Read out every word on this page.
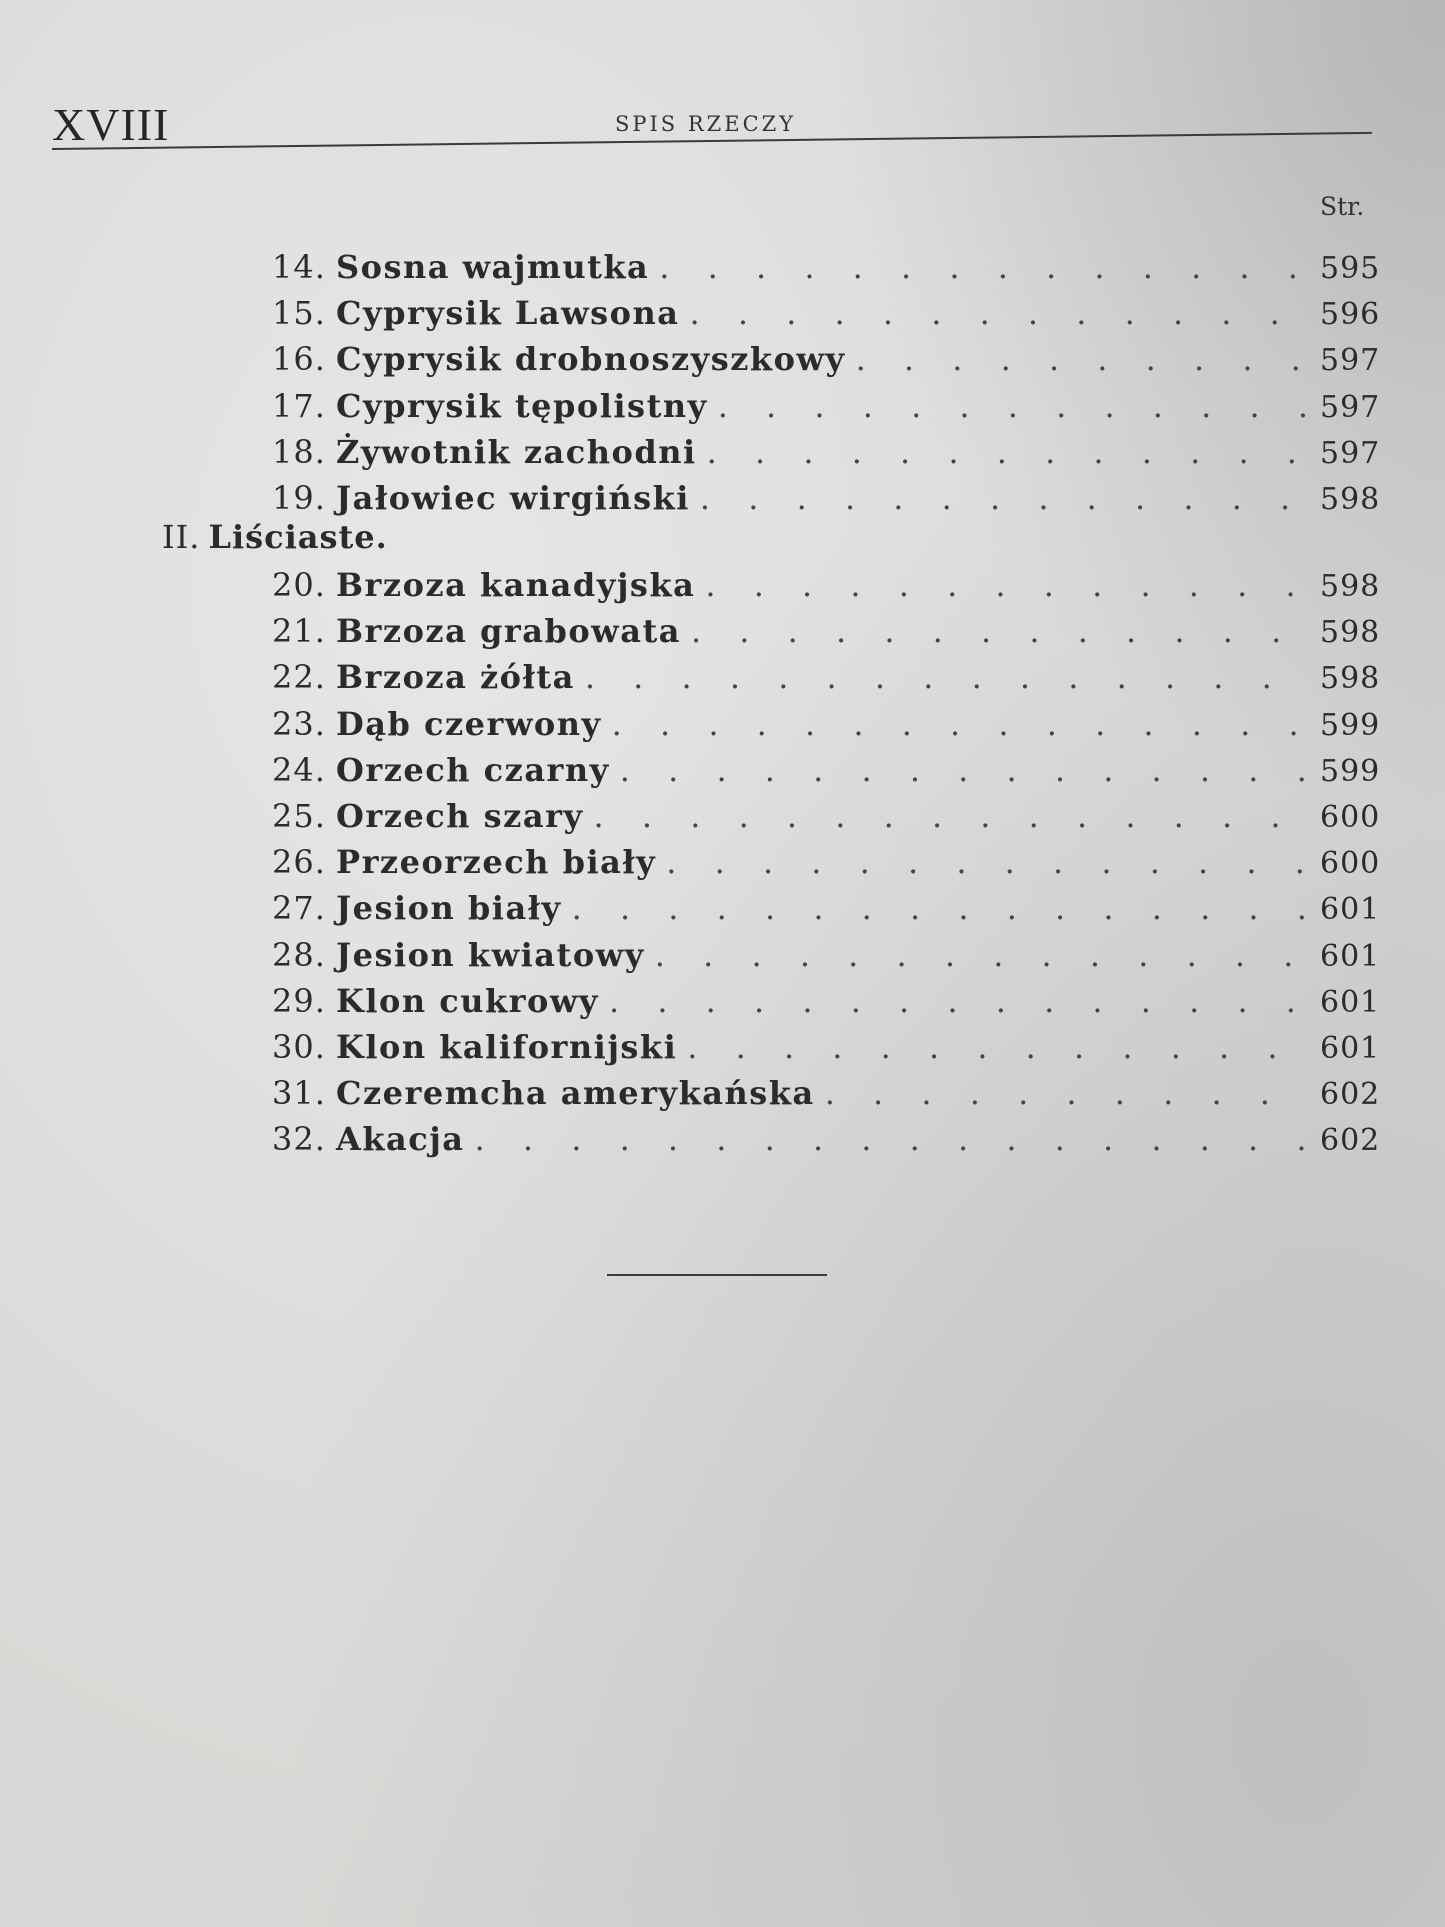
XVIII	SPIS RZECZY
Str.
14. Sosna wajmutka . . .	595
15. Cyprysik Lawsona . . .	596
16. Cyprysik drobnoszyszkowy . . .	597
17. Cyprysik tępolistny . . .	597
18. Żywotnik zachodni . . .	597
19. Jałowiec wirgiński . . .	598
II. Liściaste.
20. Brzoza kanadyjska . . .	598
21. Brzoza grabowata . . .	598
22. Brzoza żółta . . .	598
23. Dąb czerwony . . .	599
24. Orzech czarny . . .	599
25. Orzech szary . . .	600
26. Przeorzech biały . . .	600
27. Jesion biały . . .	601
28. Jesion kwiatowy . . .	601
29. Klon cukrowy . . .	601
30. Klon kalifornijski . . .	601
31. Czeremcha amerykańska . . .	602
32. Akacja . . .	602
